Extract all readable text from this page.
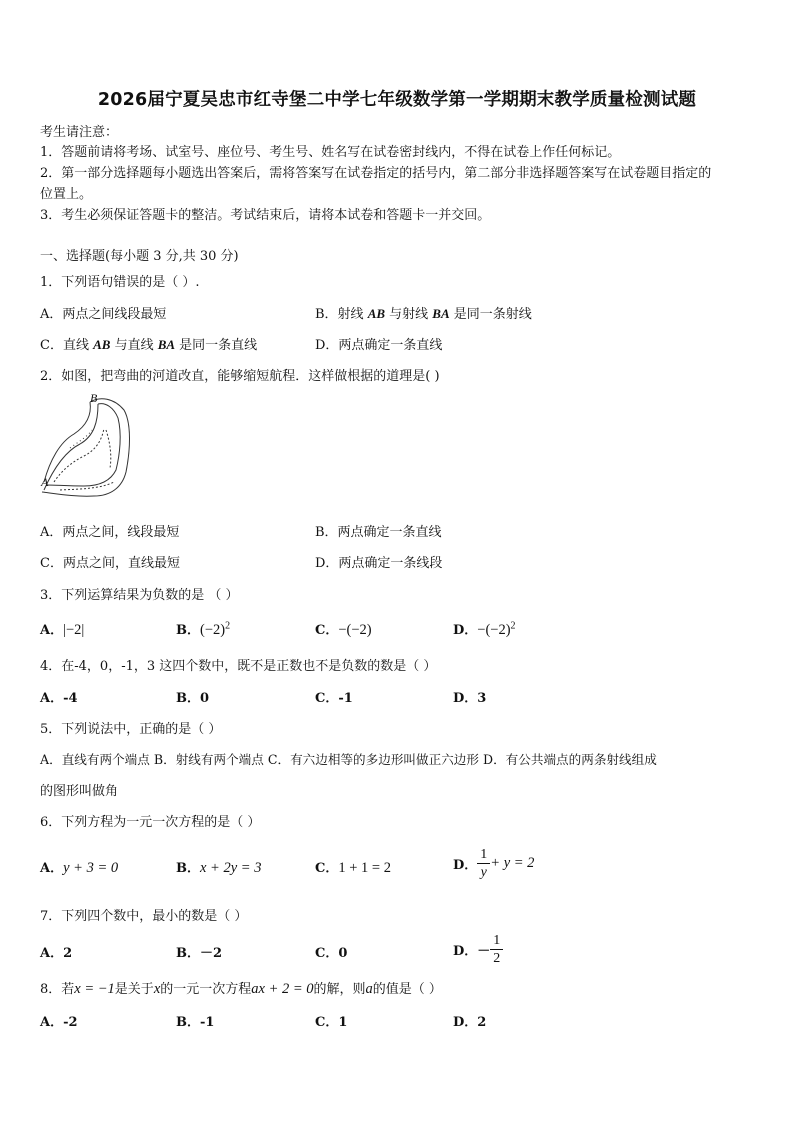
2026届宁夏吴忠市红寺堡二中学七年级数学第一学期期末教学质量检测试题
考生请注意：
1．答题前请将考场、试室号、座位号、考生号、姓名写在试卷密封线内，不得在试卷上作任何标记。
2．第一部分选择题每小题选出答案后，需将答案写在试卷指定的括号内，第二部分非选择题答案写在试卷题目指定的
位置上。
3．考生必须保证答题卡的整洁。考试结束后，请将本试卷和答题卡一并交回。
一、选择题(每小题 3 分,共 30 分)
1．下列语句错误的是（ ）.
A．两点之间线段最短	B．射线 AB 与射线 BA 是同一条射线
C．直线 AB 与直线 BA 是同一条直线	D．两点确定一条直线
2．如图，把弯曲的河道改直，能够缩短航程．这样做根据的道理是( )
B
A
A．两点之间，线段最短	B．两点确定一条直线
C．两点之间，直线最短	D．两点确定一条线段
3．下列运算结果为负数的是 （ ）
A．|−2|	B．$(-2)^2$	C．−(−2)	D．$-(-2)^2$
4．在-4，0，-1，3 这四个数中，既不是正数也不是负数的数是（ ）
A．-4	B．0	C．-1	D．3
5．下列说法中，正确的是（ ）
A．直线有两个端点 B．射线有两个端点 C．有六边相等的多边形叫做正六边形 D．有公共端点的两条射线组成
的图形叫做角
6．下列方程为一元一次方程的是（ ）
A．y + 3 = 0	B．x + 2y = 3	C．1 + 1 = 2	D． $\frac{1}{y} + y = 2$
7．下列四个数中，最小的数是（ ）
A．2	B．－2	C．0	D．－ $\frac{1}{2}$
8．若x = −1是关于x的一元一次方程ax + 2 = 0的解，则a的值是（ ）
A．-2	B．-1	C．1	D．2
